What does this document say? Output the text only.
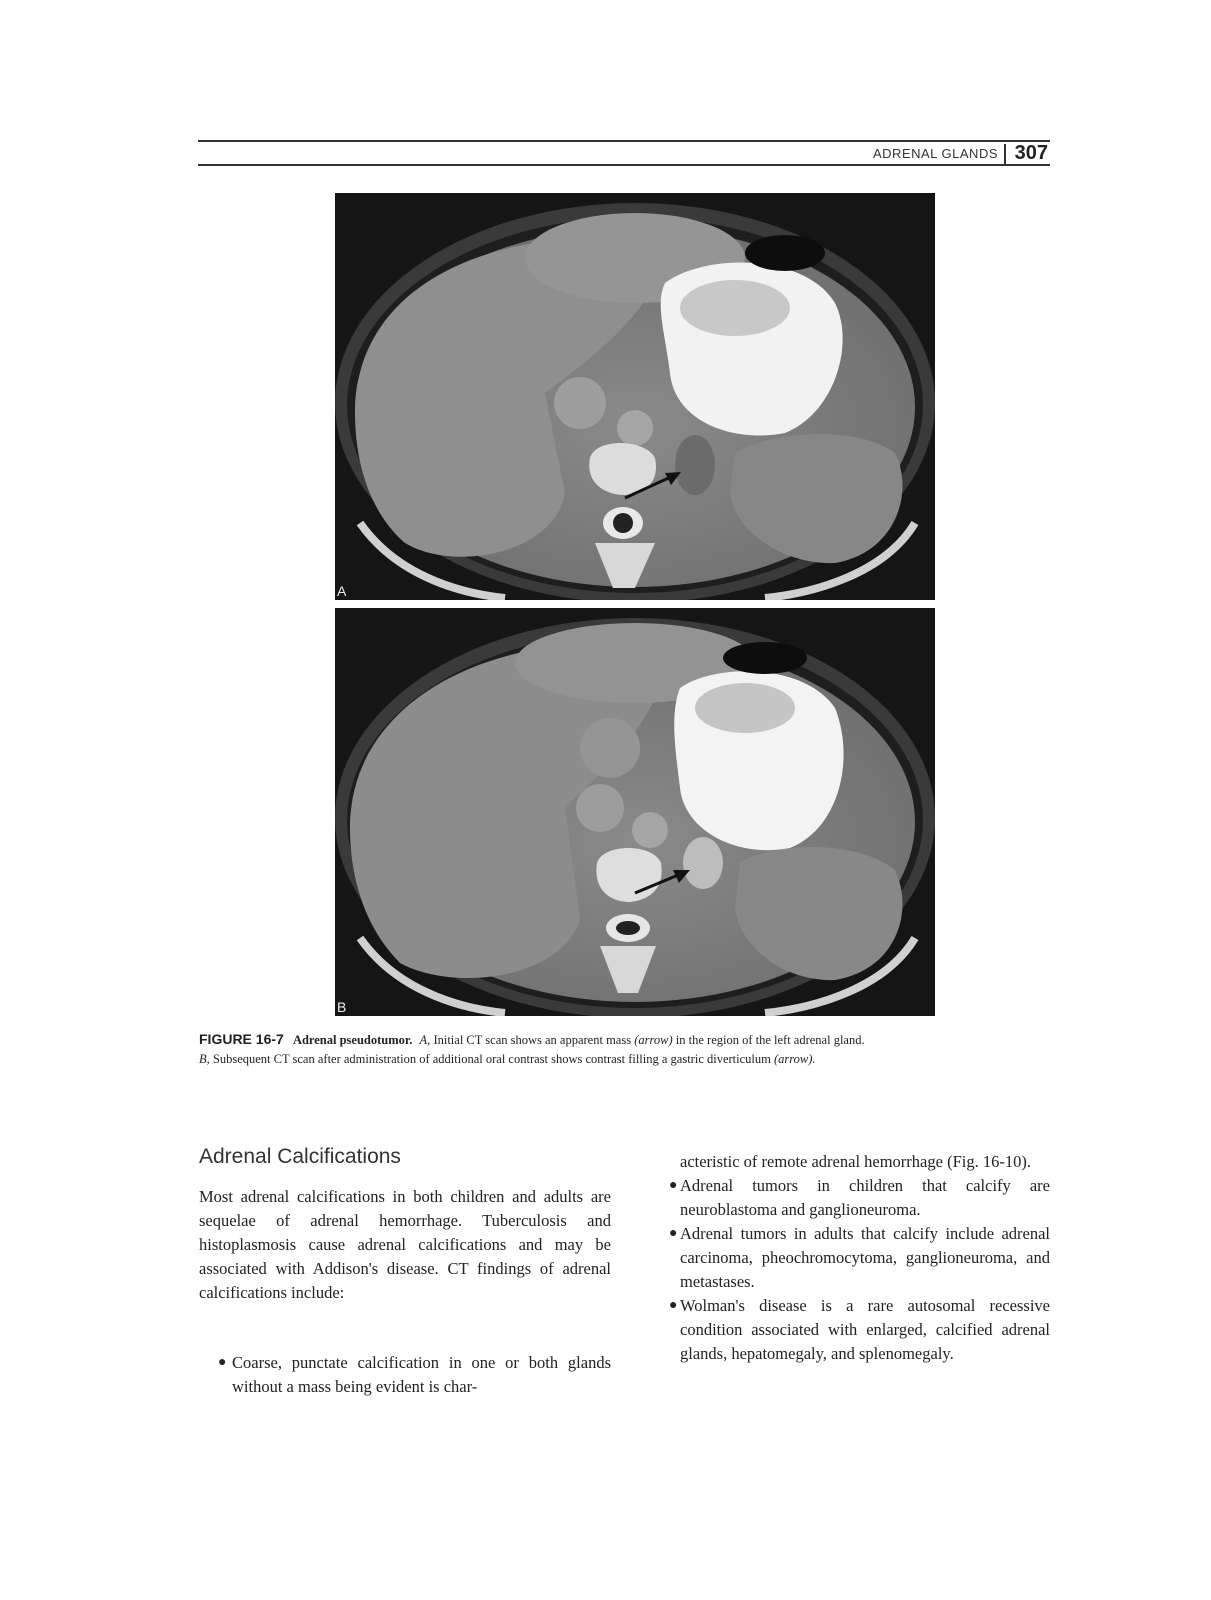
ADRENAL GLANDS 307
A
B
FIGURE 16-7 Adrenal pseudotumor. A, Initial CT scan shows an apparent mass (arrow) in the region of the left adrenal gland.
B, Subsequent CT scan after administration of additional oral contrast shows contrast filling a gastric diverticulum (arrow).
Adrenal Calcifications

Most adrenal calcifications in both children and adults are sequelae of adrenal hemorrhage. Tuberculosis and histoplasmosis cause adrenal calcifications and may be associated with Addison's disease. CT findings of adrenal calcifications include:

● Coarse, punctate calcification in one or both glands without a mass being evident is char-

acteristic of remote adrenal hemorrhage (Fig. 16-10).

● Adrenal tumors in children that calcify are neuroblastoma and ganglioneuroma.
● Adrenal tumors in adults that calcify include adrenal carcinoma, pheochromocytoma, ganglioneuroma, and metastases.
● Wolman's disease is a rare autosomal recessive condition associated with enlarged, calcified adrenal glands, hepatomegaly, and splenomegaly.
